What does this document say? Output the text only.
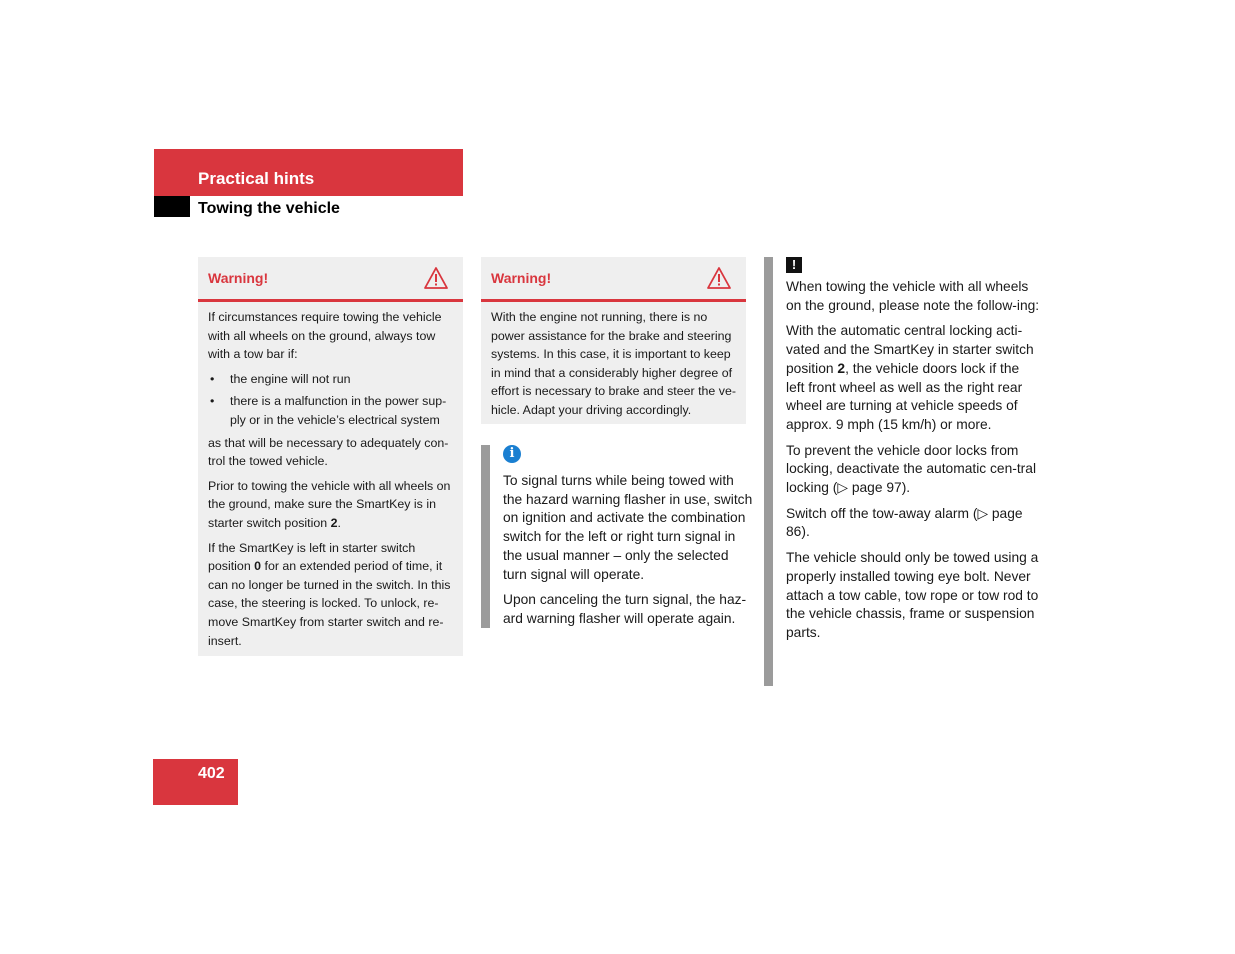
Practical hints
Towing the vehicle
Warning!

If circumstances require towing the vehicle with all wheels on the ground, always tow with a tow bar if:

• the engine will not run
• there is a malfunction in the power sup-ply or in the vehicle’s electrical system

as that will be necessary to adequately con-trol the towed vehicle.

Prior to towing the vehicle with all wheels on the ground, make sure the SmartKey is in starter switch position 2.

If the SmartKey is left in starter switch position 0 for an extended period of time, it can no longer be turned in the switch. In this case, the steering is locked. To unlock, re-move SmartKey from starter switch and re-insert.

Warning!

With the engine not running, there is no power assistance for the brake and steering systems. In this case, it is important to keep in mind that a considerably higher degree of effort is necessary to brake and steer the ve-hicle. Adapt your driving accordingly.

i

To signal turns while being towed with the hazard warning flasher in use, switch on ignition and activate the combination switch for the left or right turn signal in the usual manner – only the selected turn signal will operate.

Upon canceling the turn signal, the haz-ard warning flasher will operate again.

!

When towing the vehicle with all wheels on the ground, please note the follow-ing:

With the automatic central locking acti-vated and the SmartKey in starter switch position 2, the vehicle doors lock if the left front wheel as well as the right rear wheel are turning at vehicle speeds of approx. 9 mph (15 km/h) or more.

To prevent the vehicle door locks from locking, deactivate the automatic cen-tral locking (▷ page 97).

Switch off the tow-away alarm (▷ page 86).

The vehicle should only be towed using a properly installed towing eye bolt. Never attach a tow cable, tow rope or tow rod to the vehicle chassis, frame or suspension parts.

402
